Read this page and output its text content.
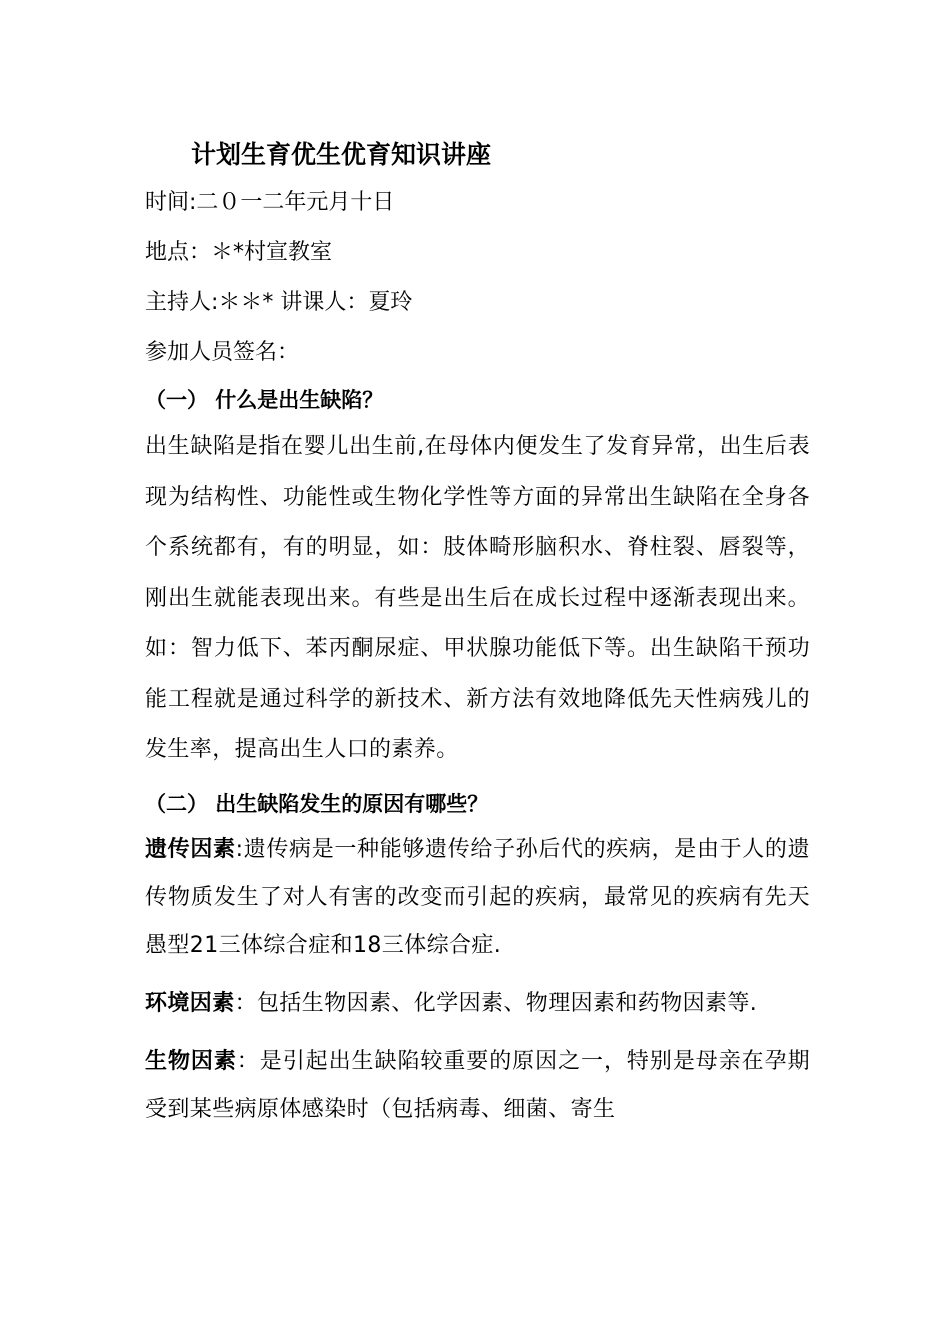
计划生育优生优育知识讲座
时间:二０一二年元月十日
地点：＊*村宣教室
主持人:＊＊* 讲课人：夏玲
参加人员签名：
（一） 什么是出生缺陷？

出生缺陷是指在婴儿出生前,在母体内便发生了发育异常，出生后表现为结构性、功能性或生物化学性等方面的异常出生缺陷在全身各个系统都有，有的明显，如：肢体畸形脑积水、脊柱裂、唇裂等，刚出生就能表现出来。有些是出生后在成长过程中逐渐表现出来。如：智力低下、苯丙酮尿症、甲状腺功能低下等。出生缺陷干预功能工程就是通过科学的新技术、新方法有效地降低先天性病残儿的发生率，提高出生人口的素养。

（二） 出生缺陷发生的原因有哪些？

遗传因素:遗传病是一种能够遗传给子孙后代的疾病，是由于人的遗传物质发生了对人有害的改变而引起的疾病，最常见的疾病有先天愚型21三体综合症和18三体综合症.

环境因素：包括生物因素、化学因素、物理因素和药物因素等.

生物因素：是引起出生缺陷较重要的原因之一，特别是母亲在孕期受到某些病原体感染时（包括病毒、细菌、寄生
